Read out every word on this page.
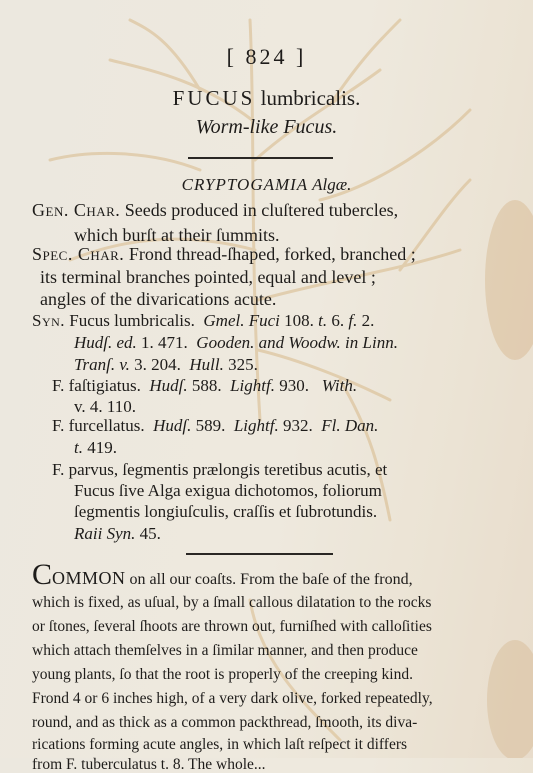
[ 824 ]
FUCUS lumbricalis.
Worm-like Fucus.
CRYPTOGAMIA Algæ.
Gen. Char. Seeds produced in cluſtered tubercles,
which burſt at their ſummits.
Spec. Char. Frond thread-ſhaped, forked, branched ;
its terminal branches pointed, equal and level ;
angles of the divarications acute.
Syn. Fucus lumbricalis. Gmel. Fuci 108. t. 6. f. 2.
Hudſ. ed. 1. 471. Gooden. and Woodw. in Linn.
Tranſ. v. 3. 204. Hull. 325.
F. faſtigiatus. Hudſ. 588. Lightf. 930. With.
v. 4. 110.
F. furcellatus. Hudſ. 589. Lightf. 932. Fl. Dan.
t. 419.
F. parvus, ſegmentis prælongis teretibus acutis, et
Fucus ſive Alga exigua dichotomos, foliorum
ſegmentis longiuſculis, craſſis et ſubrotundis.
Raii Syn. 45.
COMMON on all our coaſts. From the baſe of the frond,
which is fixed, as uſual, by a ſmall callous dilatation to the rocks
or ſtones, ſeveral ſhoots are thrown out, furniſhed with calloſities
which attach themſelves in a ſimilar manner, and then produce
young plants, ſo that the root is properly of the creeping kind.
Frond 4 or 6 inches high, of a very dark olive, forked repeatedly,
round, and as thick as a common packthread, ſmooth, its diva-
rications forming acute angles, in which laſt reſpect it differs
from F. tuberculatus t. 8. The whole...
